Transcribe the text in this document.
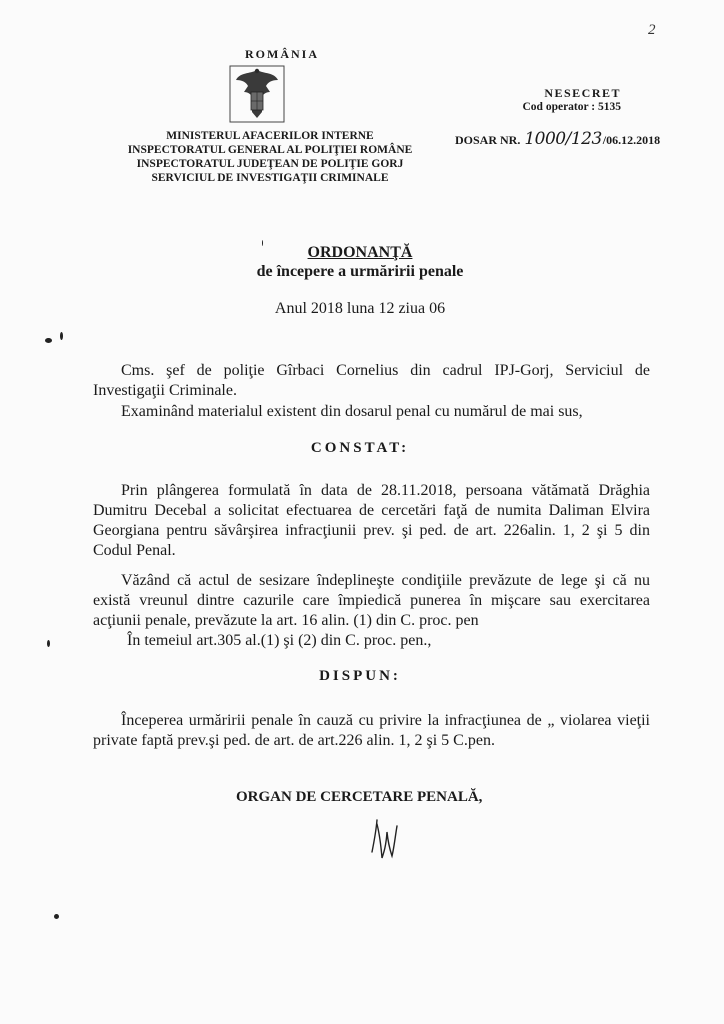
2
ROMÂNIA
MINISTERUL AFACERILOR INTERNE
INSPECTORATUL GENERAL AL POLIŢIEI ROMÂNE
INSPECTORATUL JUDEŢEAN DE POLIŢIE GORJ
SERVICIUL DE INVESTIGAŢII CRIMINALE
NESECRET
Cod operator : 5135
DOSAR NR. 1000/123/06.12.2018
ORDONANŢĂ
de începere a urmăririi penale
Anul 2018 luna 12 ziua 06
Cms. şef de poliţie Gîrbaci Cornelius din cadrul IPJ-Gorj, Serviciul de
Investigaţii Criminale.
Examinând materialul existent din dosarul penal cu numărul de mai sus,
CONSTAT:
Prin plângerea formulată în data de 28.11.2018, persoana vătămată Drăghia Dumitru Decebal a solicitat efectuarea de cercetări faţă de numita Daliman Elvira Georgiana pentru săvârşirea infracţiunii prev. şi ped. de art. 226alin. 1, 2 şi 5 din Codul Penal.
Văzând că actul de sesizare îndeplineşte condiţiile prevăzute de lege şi că nu există vreunul dintre cazurile care împiedică punerea în mişcare sau exercitarea acţiunii penale, prevăzute la art. 16 alin. (1) din C. proc. pen
În temeiul art.305 al.(1) şi (2) din C. proc. pen.,
DISPUN:
Începerea urmăririi penale în cauză cu privire la infracţiunea de „ violarea vieţii private faptă prev.şi ped. de art. de art.226 alin. 1, 2 şi 5 C.pen.
ORGAN DE CERCETARE PENALĂ,
